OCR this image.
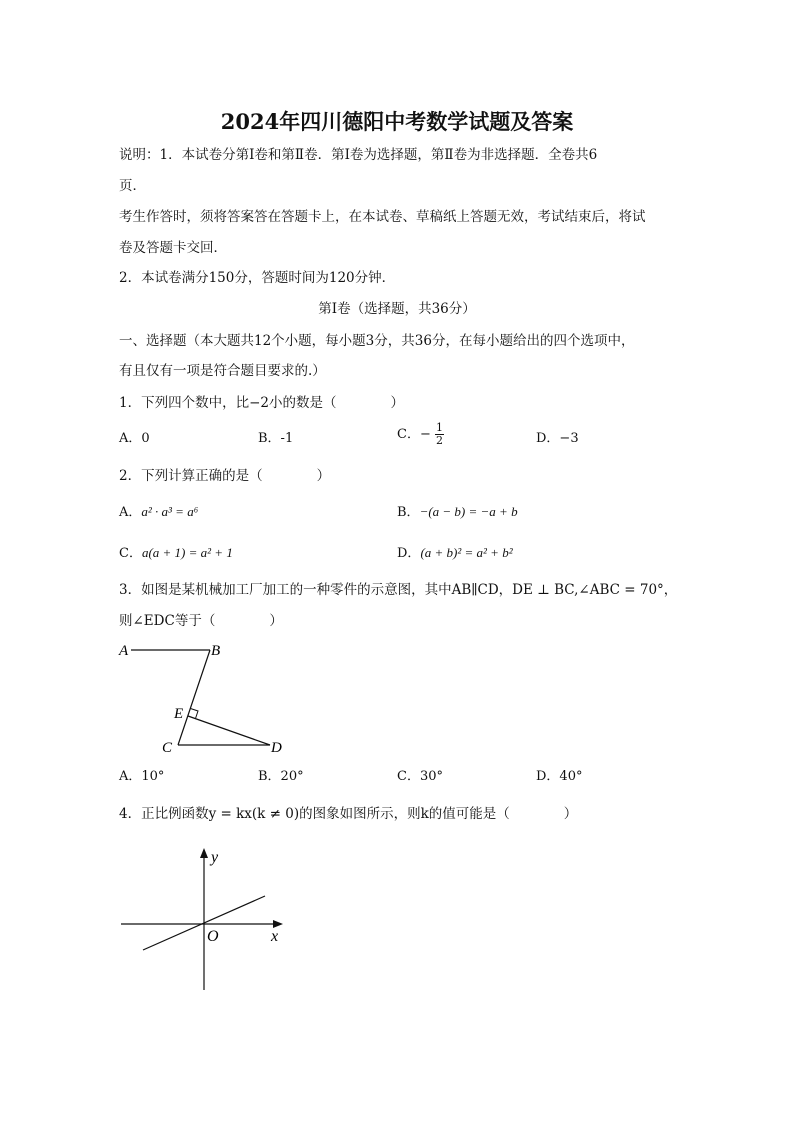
2024年四川德阳中考数学试题及答案
说明：1．本试卷分第Ⅰ卷和第Ⅱ卷．第Ⅰ卷为选择题，第Ⅱ卷为非选择题．全卷共6
页．
考生作答时，须将答案答在答题卡上，在本试卷、草稿纸上答题无效，考试结束后，将试
卷及答题卡交回．
2．本试卷满分150分，答题时间为120分钟．
第Ⅰ卷（选择题，共36分）
一、选择题（本大题共12个小题，每小题3分，共36分，在每小题给出的四个选项中，
有且仅有一项是符合题目要求的.）
1．下列四个数中，比−2小的数是（　　　　）
A．0	B．-1	C．− $\frac{1}{2}$	D．−3
2．下列计算正确的是（　　　　）
A．a² · a³ = a⁶	B．−(a − b) = −a + b
C．a(a + 1) = a² + 1	D．(a + b)² = a² + b²
3．如图是某机械加工厂加工的一种零件的示意图，其中AB∥CD，DE ⊥ BC,∠ABC = 70°，
则∠EDC等于（　　　　）
A	B
E
C	D
A．10°	B．20°	C．30°	D．40°
4．正比例函数y = kx(k ≠ 0)的图象如图所示，则k的值可能是（　　　　）
y
x
O
